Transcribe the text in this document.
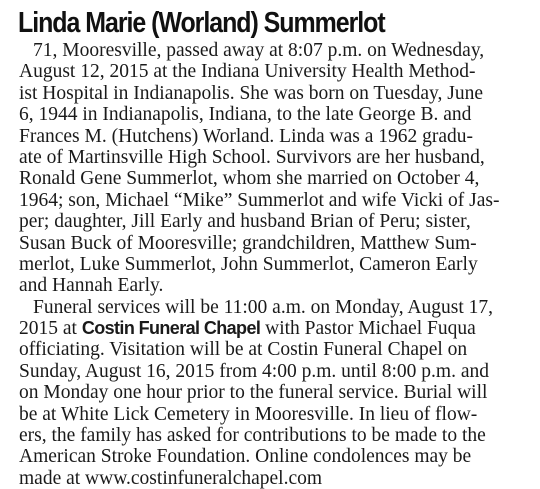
Linda Marie (Worland) Summerlot
71, Mooresville, passed away at 8:07 p.m. on Wednesday,
August 12, 2015 at the Indiana University Health Method-
ist Hospital in Indianapolis. She was born on Tuesday, June
6, 1944 in Indianapolis, Indiana, to the late George B. and
Frances M. (Hutchens) Worland. Linda was a 1962 gradu-
ate of Martinsville High School. Survivors are her husband,
Ronald Gene Summerlot, whom she married on October 4,
1964; son, Michael “Mike” Summerlot and wife Vicki of Jas-
per; daughter, Jill Early and husband Brian of Peru; sister,
Susan Buck of Mooresville; grandchildren, Matthew Sum-
merlot, Luke Summerlot, John Summerlot, Cameron Early
and Hannah Early.
Funeral services will be 11:00 a.m. on Monday, August 17,
2015 at Costin Funeral Chapel with Pastor Michael Fuqua
officiating. Visitation will be at Costin Funeral Chapel on
Sunday, August 16, 2015 from 4:00 p.m. until 8:00 p.m. and
on Monday one hour prior to the funeral service. Burial will
be at White Lick Cemetery in Mooresville. In lieu of flow-
ers, the family has asked for contributions to be made to the
American Stroke Foundation. Online condolences may be
made at www.costinfuneralchapel.com
